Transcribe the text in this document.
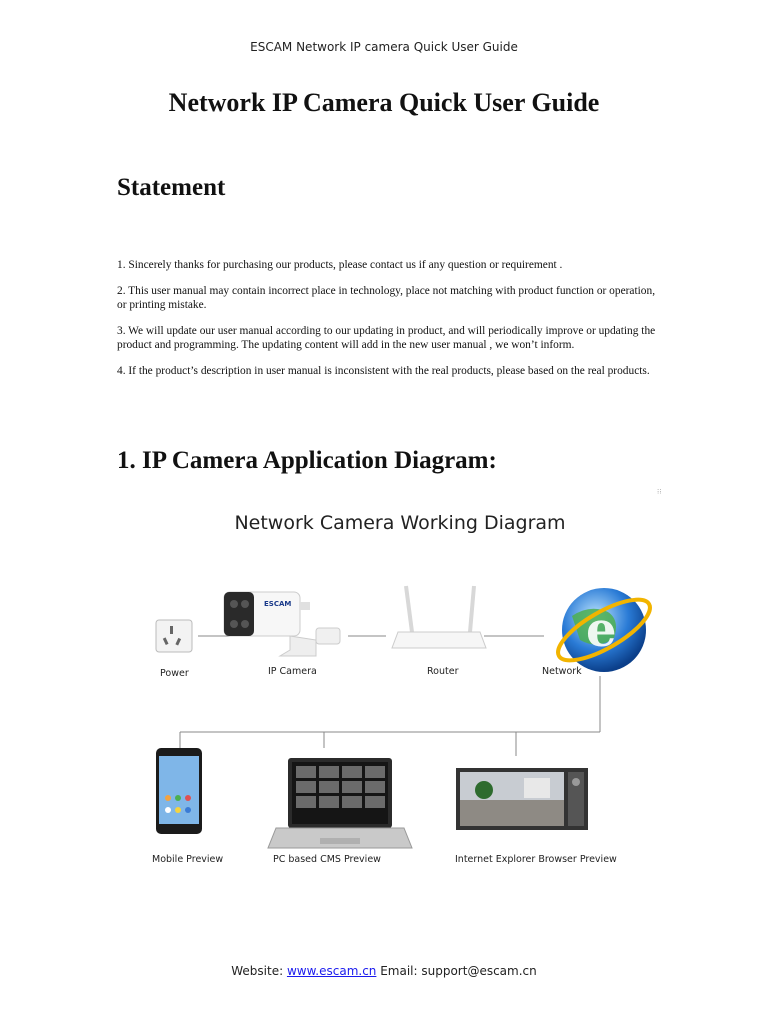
ESCAM Network IP camera Quick User Guide
Network IP Camera Quick User Guide
Statement

1. Sincerely thanks for purchasing our products, please contact us if any question or requirement .

2. This user manual may contain incorrect place in technology, place not matching with product function or operation, or printing mistake.

3. We will update our user manual according to our updating in product, and will periodically improve or updating the product and programming. The updating content will add in the new user manual , we won’t inform.

4. If the product’s description in user manual is inconsistent with the real products, please based on the real products.

1. IP Camera Application Diagram:
⁝⁝
Network Camera Working Diagram
ESCAM	e
Power	IP Camera	Router	Network
Mobile Preview	PC based CMS Preview	Internet Explorer Browser Preview
Website: www.escam.cn Email: support@escam.cn
